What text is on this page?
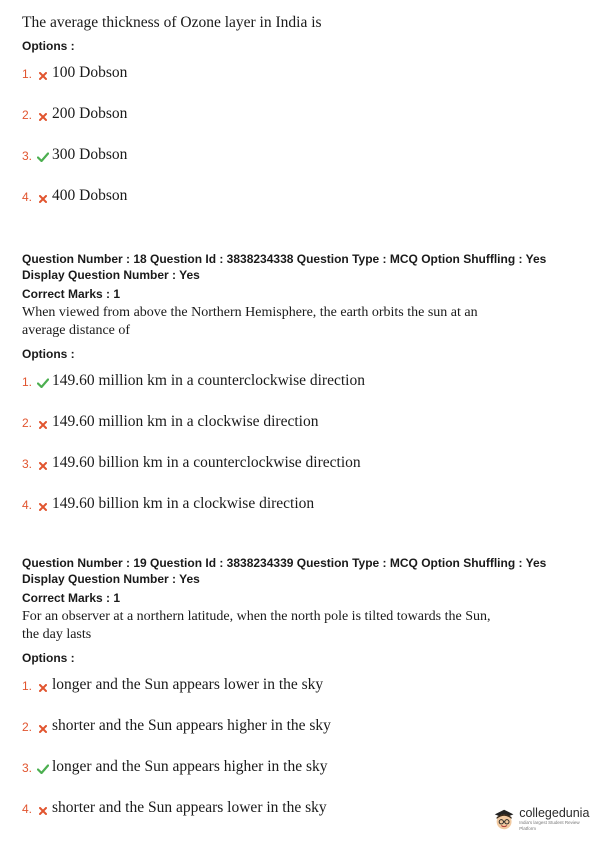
The average thickness of Ozone layer in India is
Options :
1. 100 Dobson
2. 200 Dobson
3. 300 Dobson
4. 400 Dobson
Question Number : 18 Question Id : 3838234338 Question Type : MCQ Option Shuffling : Yes
Display Question Number : Yes
Correct Marks : 1
When viewed from above the Northern Hemisphere, the earth orbits the sun at an
average distance of
Options :
1. 149.60 million km in a counterclockwise direction
2. 149.60 million km in a clockwise direction
3. 149.60 billion km in a counterclockwise direction
4. 149.60 billion km in a clockwise direction
Question Number : 19 Question Id : 3838234339 Question Type : MCQ Option Shuffling : Yes
Display Question Number : Yes
Correct Marks : 1
For an observer at a northern latitude, when the north pole is tilted towards the Sun,
the day lasts
Options :
1. longer and the Sun appears lower in the sky
2. shorter and the Sun appears higher in the sky
3. longer and the Sun appears higher in the sky
4. shorter and the Sun appears lower in the sky	collegedunia
India's largest Student Review Platform
